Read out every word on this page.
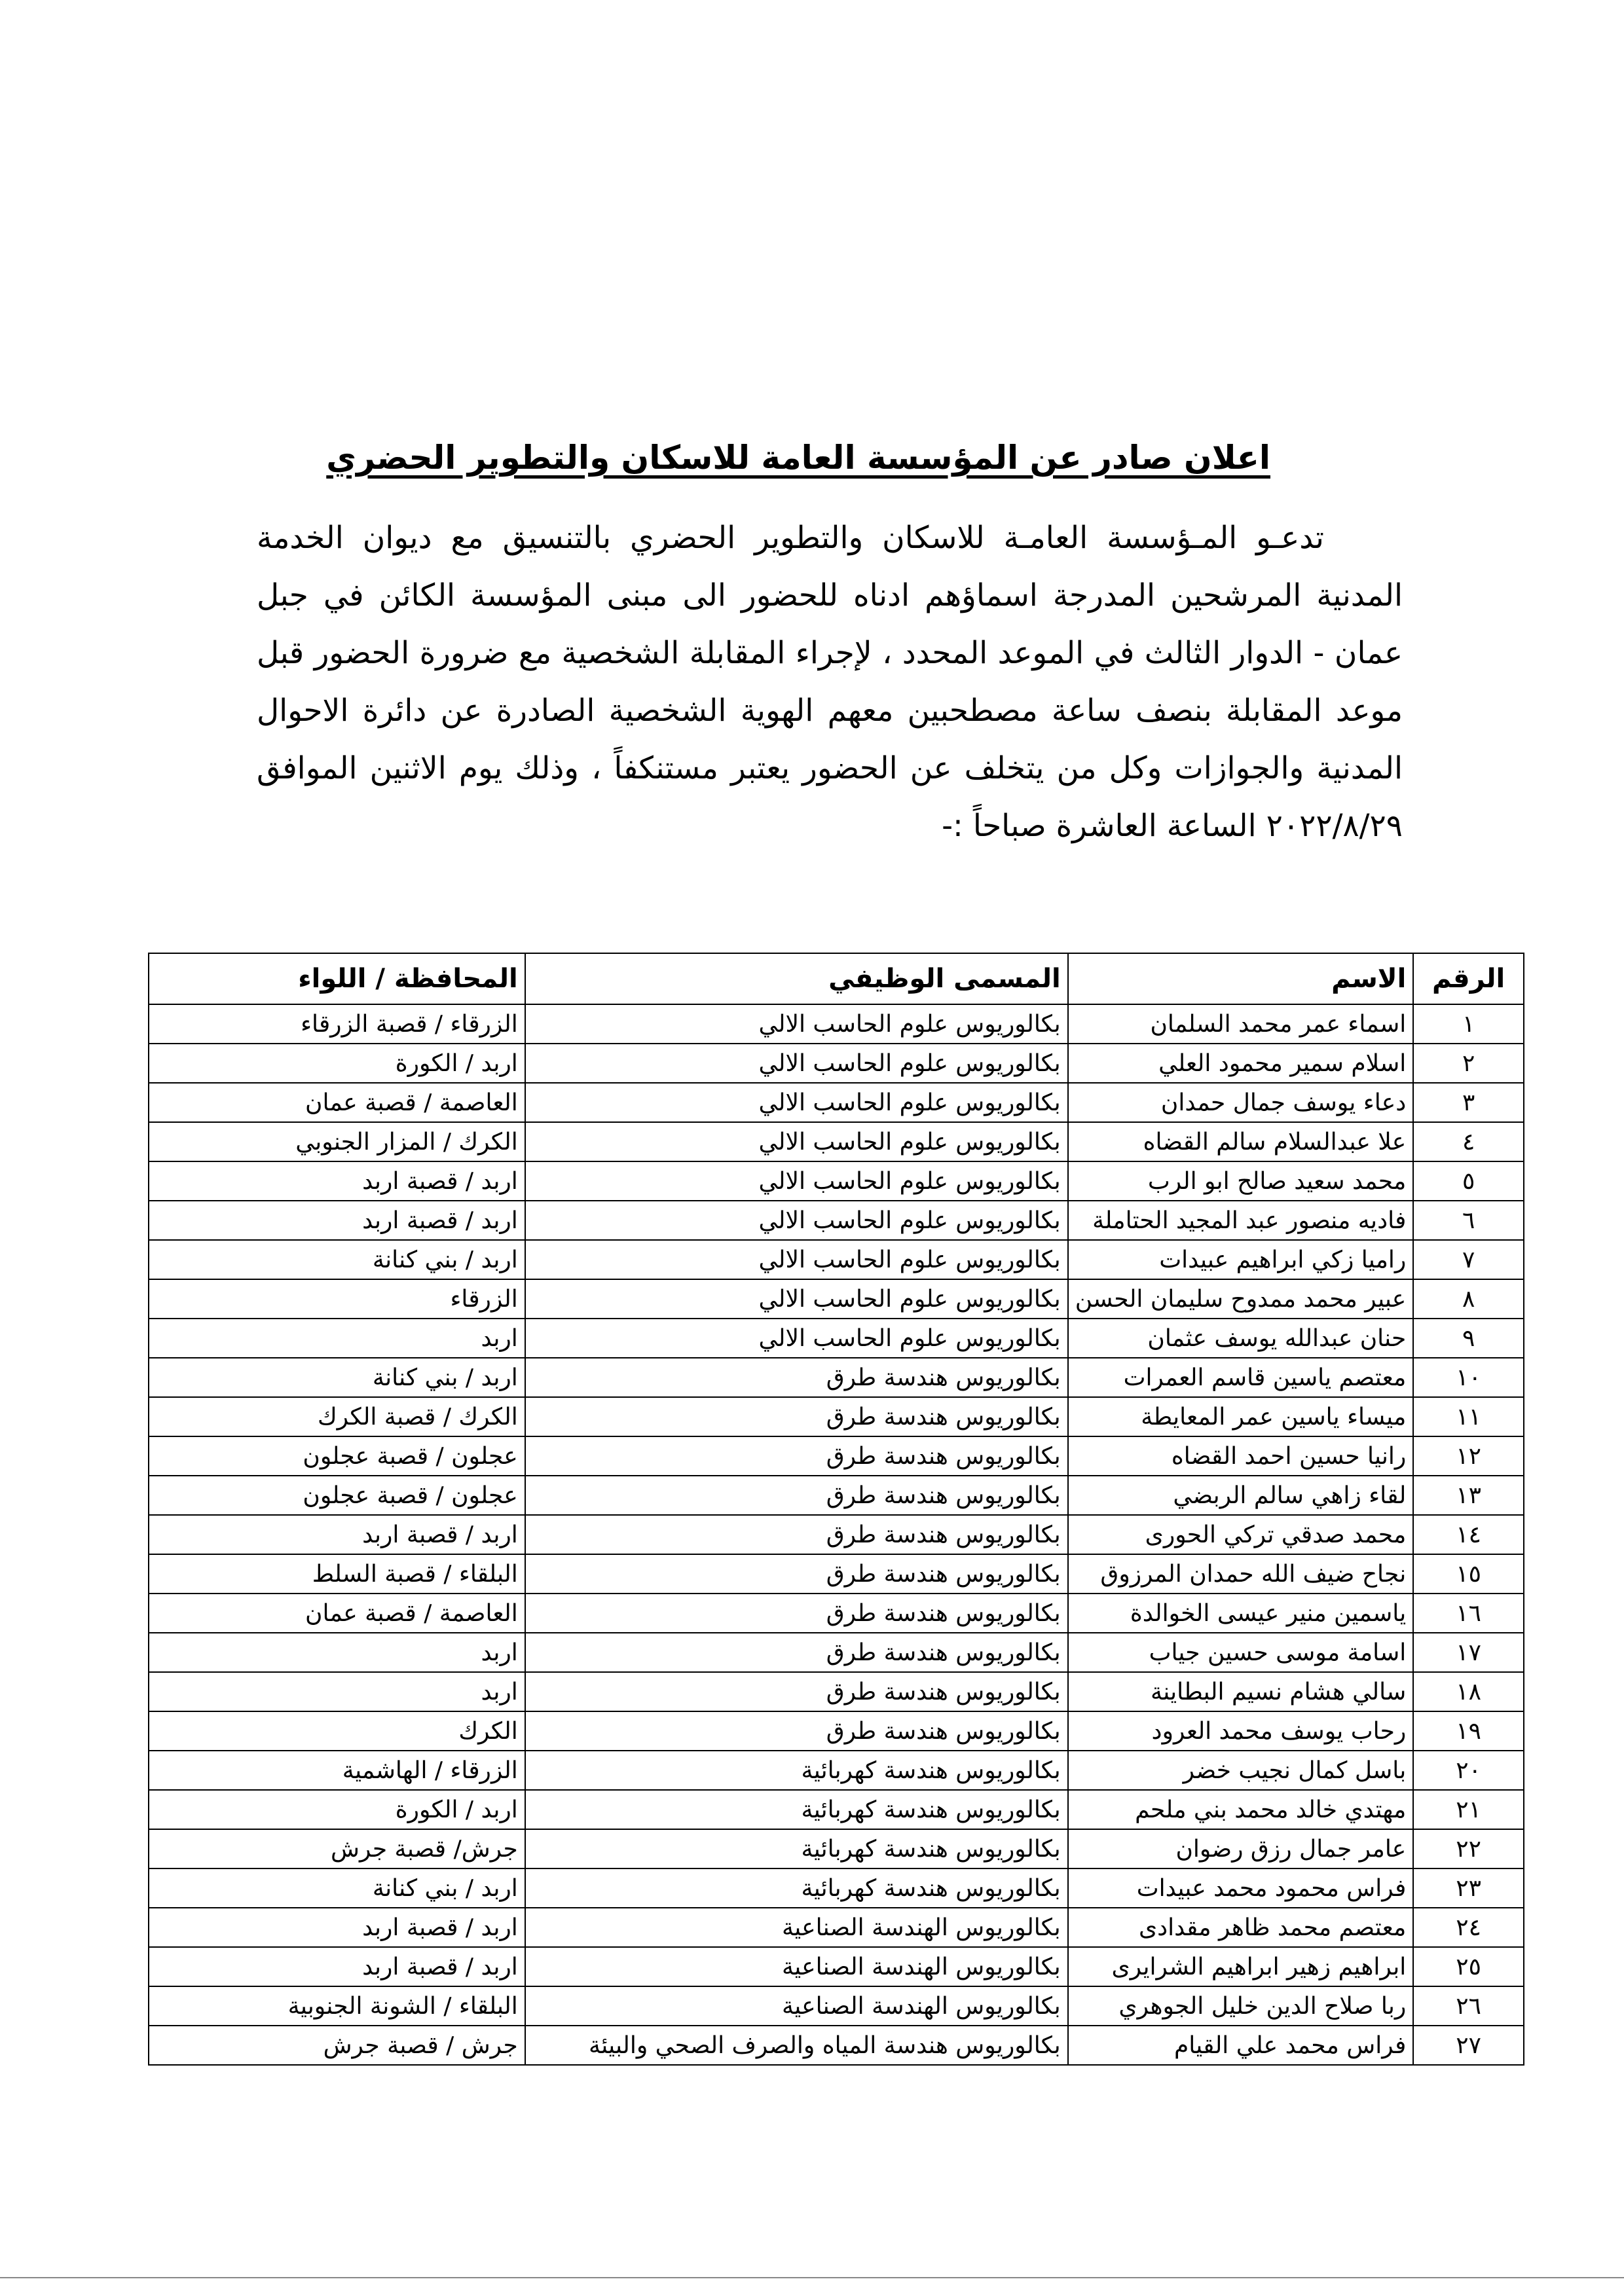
اعلان صادر عن المؤسسة العامة للاسكان والتطوير الحضري
تدعـو المـؤسسة العامـة للاسكان والتطوير الحضري بالتنسيق مع ديوان الخدمة المدنية المرشحين المدرجة اسماؤهم ادناه للحضور الى مبنى المؤسسة الكائن في جبل عمان - الدوار الثالث في الموعد المحدد ، لإجراء المقابلة الشخصية مع ضرورة الحضور قبل موعد المقابلة بنصف ساعة مصطحبين معهم الهوية الشخصية الصادرة عن دائرة الاحوال المدنية والجوازات وكل من يتخلف عن الحضور يعتبر مستنكفاً ، وذلك يوم الاثنين الموافق ٢٠٢٢/٨/٢٩ الساعة العاشرة صباحاً :-
الرقم	الاسم	المسمى الوظيفي	المحافظة / اللواء
١	اسماء عمر محمد السلمان	بكالوريوس علوم الحاسب الالي	الزرقاء / قصبة الزرقاء
٢	اسلام سمير محمود العلي	بكالوريوس علوم الحاسب الالي	اربد / الكورة
٣	دعاء يوسف جمال حمدان	بكالوريوس علوم الحاسب الالي	العاصمة / قصبة عمان
٤	علا عبدالسلام سالم القضاه	بكالوريوس علوم الحاسب الالي	الكرك / المزار الجنوبي
٥	محمد سعيد صالح ابو الرب	بكالوريوس علوم الحاسب الالي	اربد / قصبة اربد
٦	فاديه منصور عبد المجيد الحتاملة	بكالوريوس علوم الحاسب الالي	اربد / قصبة اربد
٧	راميا زكي ابراهيم عبيدات	بكالوريوس علوم الحاسب الالي	اربد / بني كنانة
٨	عبير محمد ممدوح سليمان الحسن	بكالوريوس علوم الحاسب الالي	الزرقاء
٩	حنان عبدالله يوسف عثمان	بكالوريوس علوم الحاسب الالي	اربد
١٠	معتصم ياسين قاسم العمرات	بكالوريوس هندسة طرق	اربد / بني كنانة
١١	ميساء ياسين عمر المعايطة	بكالوريوس هندسة طرق	الكرك / قصبة الكرك
١٢	رانيا حسين احمد القضاه	بكالوريوس هندسة طرق	عجلون / قصبة عجلون
١٣	لقاء زاهي سالم الربضي	بكالوريوس هندسة طرق	عجلون / قصبة عجلون
١٤	محمد صدقي تركي الحورى	بكالوريوس هندسة طرق	اربد / قصبة اربد
١٥	نجاح ضيف الله حمدان المرزوق	بكالوريوس هندسة طرق	البلقاء / قصبة السلط
١٦	ياسمين منير عيسى الخوالدة	بكالوريوس هندسة طرق	العاصمة / قصبة عمان
١٧	اسامة موسى حسين جياب	بكالوريوس هندسة طرق	اربد
١٨	سالي هشام نسيم البطاينة	بكالوريوس هندسة طرق	اربد
١٩	رحاب يوسف محمد العرود	بكالوريوس هندسة طرق	الكرك
٢٠	باسل كمال نجيب خضر	بكالوريوس هندسة كهربائية	الزرقاء / الهاشمية
٢١	مهتدي خالد محمد بني ملحم	بكالوريوس هندسة كهربائية	اربد / الكورة
٢٢	عامر جمال رزق رضوان	بكالوريوس هندسة كهربائية	جرش/ قصبة جرش
٢٣	فراس محمود محمد عبيدات	بكالوريوس هندسة كهربائية	اربد / بني كنانة
٢٤	معتصم محمد ظاهر مقدادى	بكالوريوس الهندسة الصناعية	اربد / قصبة اربد
٢٥	ابراهيم زهير ابراهيم الشرايرى	بكالوريوس الهندسة الصناعية	اربد / قصبة اربد
٢٦	ربا صلاح الدين خليل الجوهري	بكالوريوس الهندسة الصناعية	البلقاء / الشونة الجنوبية
٢٧	فراس محمد علي القيام	بكالوريوس هندسة المياه والصرف الصحي والبيئة	جرش / قصبة جرش
